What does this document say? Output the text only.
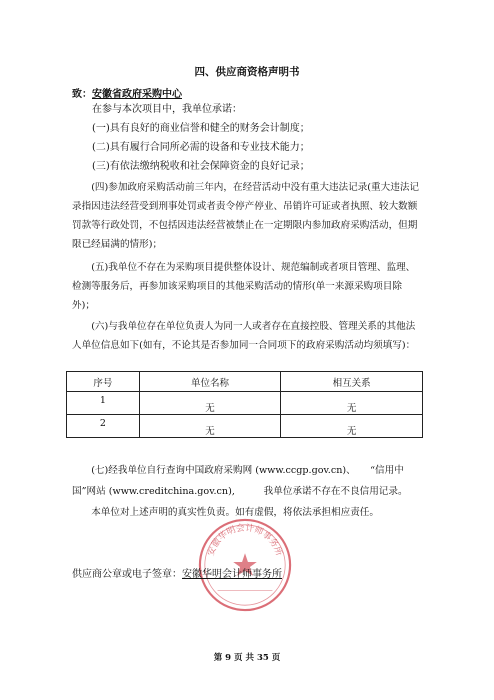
四、供应商资格声明书
致：安徽省政府采购中心
在参与本次项目中，我单位承诺：
(一)具有良好的商业信誉和健全的财务会计制度；
(二)具有履行合同所必需的设备和专业技术能力；
(三)有依法缴纳税收和社会保障资金的良好记录；
(四)参加政府采购活动前三年内，在经营活动中没有重大违法记录(重大违法记录指因违法经营受到刑事处罚或者责令停产停业、吊销许可证或者执照、较大数额罚款等行政处罚，不包括因违法经营被禁止在一定期限内参加政府采购活动，但期限已经届满的情形)；
(五)我单位不存在为采购项目提供整体设计、规范编制或者项目管理、监理、检测等服务后，再参加该采购项目的其他采购活动的情形(单一来源采购项目除外)；
(六)与我单位存在单位负责人为同一人或者存在直接控股、管理关系的其他法人单位信息如下(如有，不论其是否参加同一合同项下的政府采购活动均须填写)：
序号	单位名称	相互关系
1	无	无
2	无	无
(七)经我单位自行查询中国政府采购网 (www.ccgp.gov.cn)、　　“信用中国”网站 (www.creditchina.gov.cn),　　　我单位承诺不存在不良信用记录。
本单位对上述声明的真实性负责。如有虚假，将依法承担相应责任。
安徽华明会计师事务所
供应商公章或电子签章：安徽华明会计师事务所
第 9 页 共 35 页
